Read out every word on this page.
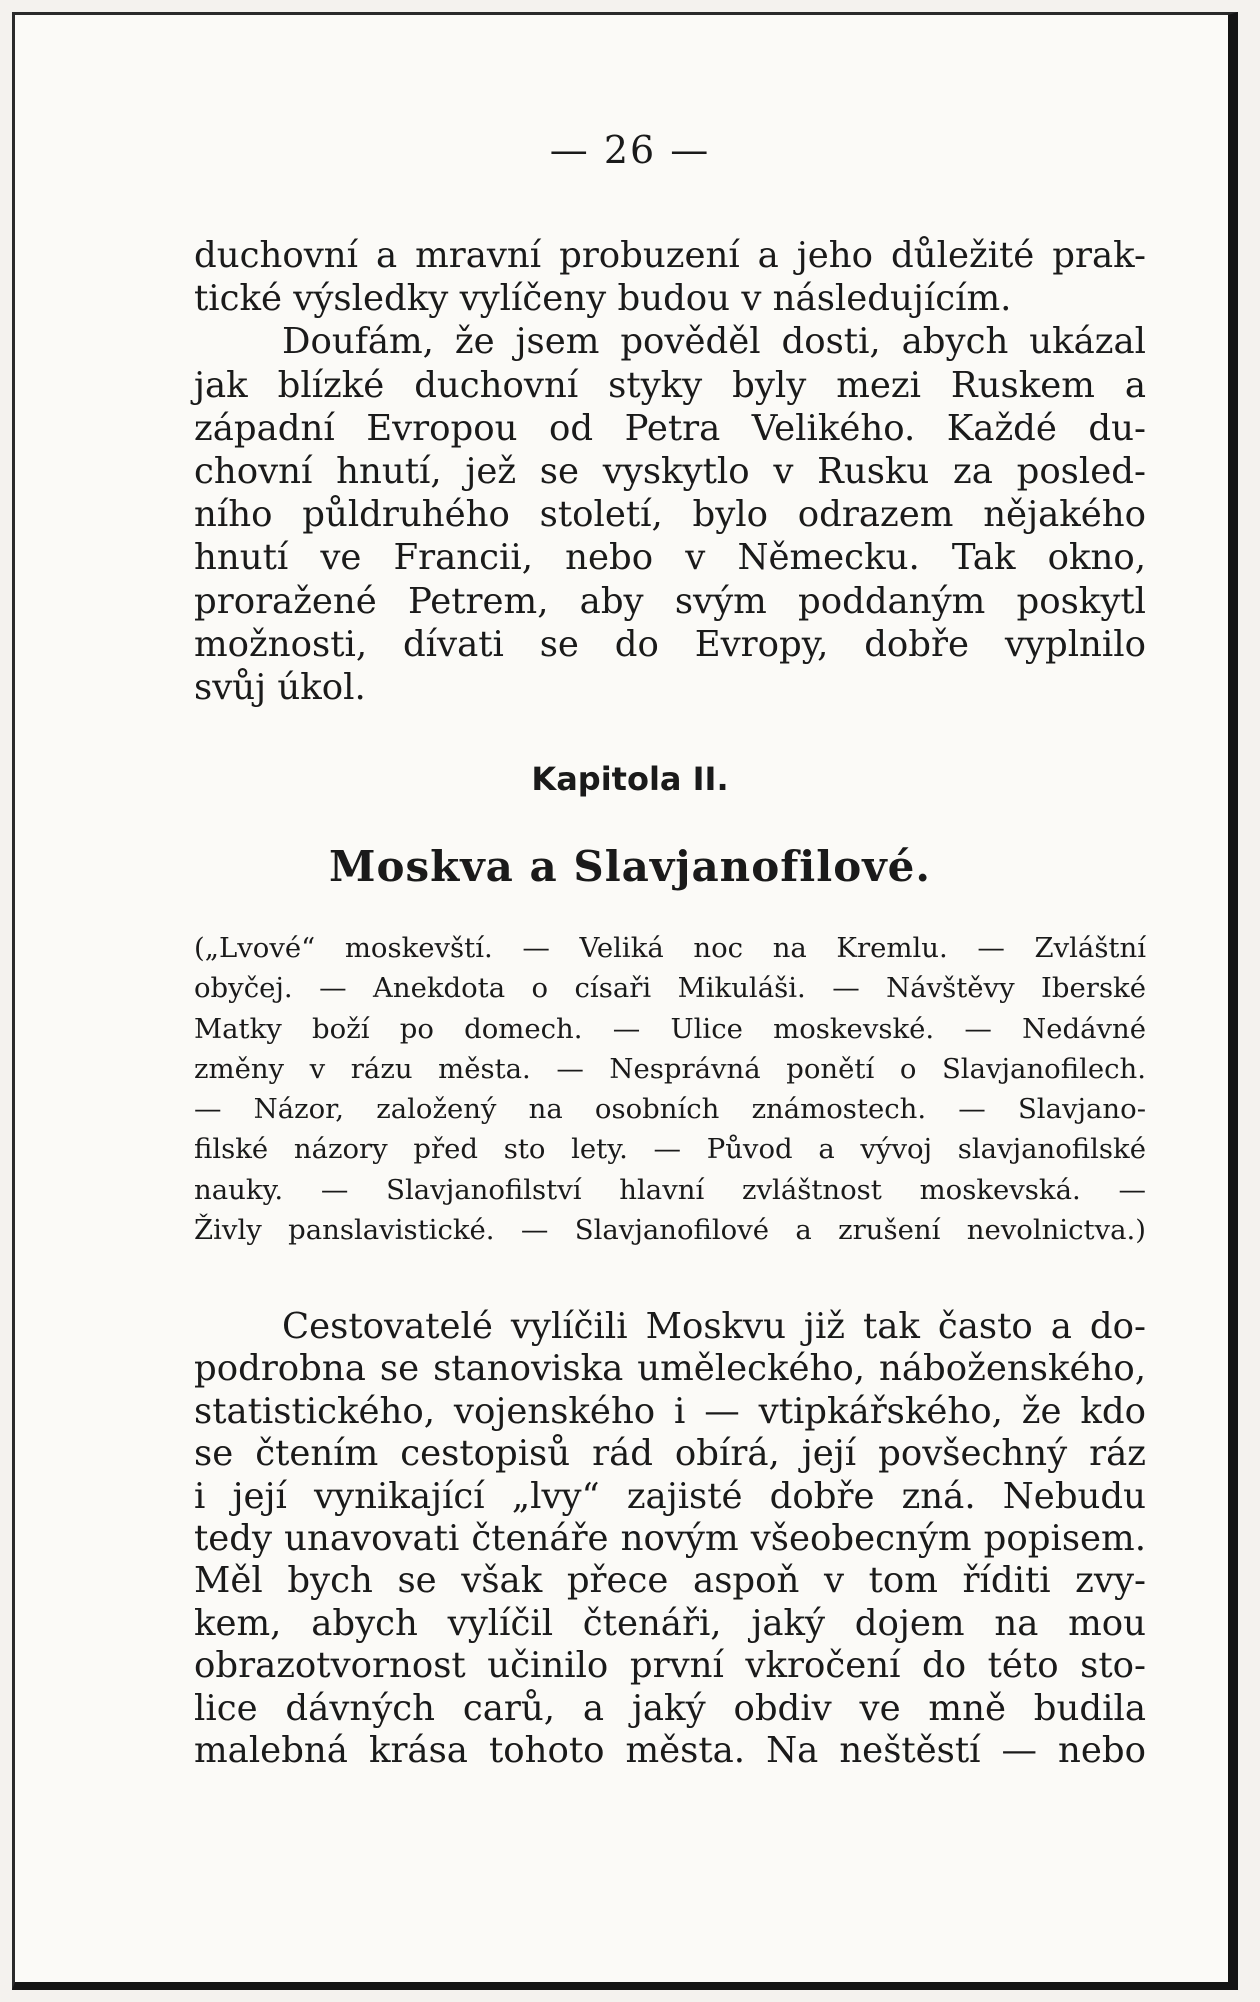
— 26 —
duchovní a mravní probuzení a jeho důležité prak-
tické výsledky vylíčeny budou v následujícím.
Doufám, že jsem pověděl dosti, abych ukázal
jak blízké duchovní styky byly mezi Ruskem a
západní Evropou od Petra Velikého. Každé du-
chovní hnutí, jež se vyskytlo v Rusku za posled-
ního půldruhého století, bylo odrazem nějakého
hnutí ve Francii, nebo v Německu. Tak okno,
proražené Petrem, aby svým poddaným poskytl
možnosti, dívati se do Evropy, dobře vyplnilo
svůj úkol.
Kapitola II.
Moskva a Slavjanofilové.
(„Lvové“ moskevští. — Veliká noc na Kremlu. — Zvláštní
obyčej. — Anekdota o císaři Mikuláši. — Návštěvy Iberské
Matky boží po domech. — Ulice moskevské. — Nedávné
změny v rázu města. — Nesprávná ponětí o Slavjanofilech.
— Názor, založený na osobních známostech. — Slavjano-
filské názory před sto lety. — Původ a vývoj slavjanofilské
nauky. — Slavjanofilství hlavní zvláštnost moskevská. —
Živly panslavistické. — Slavjanofilové a zrušení nevolnictva.)
Cestovatelé vylíčili Moskvu již tak často a do-
podrobna se stanoviska uměleckého, náboženského,
statistického, vojenského i — vtipkářského, že kdo
se čtením cestopisů rád obírá, její povšechný ráz
i její vynikající „lvy“ zajisté dobře zná. Nebudu
tedy unavovati čtenáře novým všeobecným popisem.
Měl bych se však přece aspoň v tom říditi zvy-
kem, abych vylíčil čtenáři, jaký dojem na mou
obrazotvornost učinilo první vkročení do této sto-
lice dávných carů, a jaký obdiv ve mně budila
malebná krása tohoto města. Na neštěstí — nebo
